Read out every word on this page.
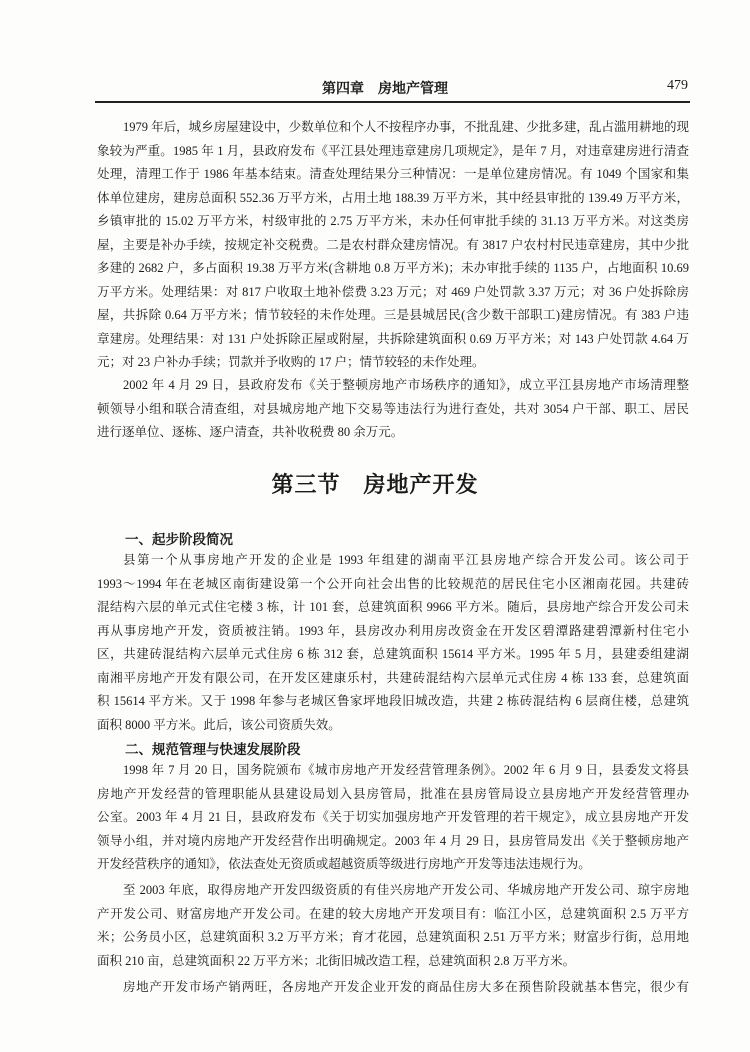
第四章　房地产管理	479
1979 年后，城乡房屋建设中，少数单位和个人不按程序办事，不批乱建、少批多建，乱占滥用耕地的现
象较为严重。1985 年 1 月，县政府发布《平江县处理违章建房几项规定》，是年 7 月，对违章建房进行清查
处理，清理工作于 1986 年基本结束。清查处理结果分三种情况：一是单位建房情况。有 1049 个国家和集
体单位建房，建房总面积 552.36 万平方米，占用土地 188.39 万平方米，其中经县审批的 139.49 万平方米，
乡镇审批的 15.02 万平方米，村级审批的 2.75 万平方米，未办任何审批手续的 31.13 万平方米。对这类房
屋，主要是补办手续，按规定补交税费。二是农村群众建房情况。有 3817 户农村村民违章建房，其中少批
多建的 2682 户，多占面积 19.38 万平方米(含耕地 0.8 万平方米)；未办审批手续的 1135 户，占地面积 10.69
万平方米。处理结果：对 817 户收取土地补偿费 3.23 万元；对 469 户处罚款 3.37 万元；对 36 户处拆除房
屋，共拆除 0.64 万平方米；情节较轻的未作处理。三是县城居民(含少数干部职工)建房情况。有 383 户违
章建房。处理结果：对 131 户处拆除正屋或附屋，共拆除建筑面积 0.69 万平方米；对 143 户处罚款 4.64 万
元；对 23 户补办手续；罚款并予收购的 17 户；情节较轻的未作处理。
2002 年 4 月 29 日，县政府发布《关于整顿房地产市场秩序的通知》，成立平江县房地产市场清理整
顿领导小组和联合清查组，对县城房地产地下交易等违法行为进行查处，共对 3054 户干部、职工、居民
进行逐单位、逐栋、逐户清查，共补收税费 80 余万元。
第三节　房地产开发
一、起步阶段简况
县第一个从事房地产开发的企业是 1993 年组建的湖南平江县房地产综合开发公司。该公司于
1993～1994 年在老城区南街建设第一个公开向社会出售的比较规范的居民住宅小区湘南花园。共建砖
混结构六层的单元式住宅楼 3 栋，计 101 套，总建筑面积 9966 平方米。随后，县房地产综合开发公司未
再从事房地产开发，资质被注销。1993 年，县房改办利用房改资金在开发区碧潭路建碧潭新村住宅小
区，共建砖混结构六层单元式住房 6 栋 312 套，总建筑面积 15614 平方米。1995 年 5 月，县建委组建湖
南湘平房地产开发有限公司，在开发区建康乐村，共建砖混结构六层单元式住房 4 栋 133 套，总建筑面
积 15614 平方米。又于 1998 年参与老城区鲁家坪地段旧城改造，共建 2 栋砖混结构 6 层商住楼，总建筑
面积 8000 平方米。此后，该公司资质失效。
二、规范管理与快速发展阶段
1998 年 7 月 20 日，国务院颁布《城市房地产开发经营管理条例》。2002 年 6 月 9 日，县委发文将县
房地产开发经营的管理职能从县建设局划入县房管局，批准在县房管局设立县房地产开发经营管理办
公室。2003 年 4 月 21 日，县政府发布《关于切实加强房地产开发管理的若干规定》，成立县房地产开发
领导小组，并对境内房地产开发经营作出明确规定。2003 年 4 月 29 日，县房管局发出《关于整顿房地产
开发经营秩序的通知》，依法查处无资质或超越资质等级进行房地产开发等违法违规行为。
至 2003 年底，取得房地产开发四级资质的有佳兴房地产开发公司、华城房地产开发公司、琼宇房地
产开发公司、财富房地产开发公司。在建的较大房地产开发项目有：临江小区，总建筑面积 2.5 万平方
米；公务员小区，总建筑面积 3.2 万平方米；育才花园，总建筑面积 2.51 万平方米；财富步行街，总用地
面积 210 亩，总建筑面积 22 万平方米；北街旧城改造工程，总建筑面积 2.8 万平方米。
房地产开发市场产销两旺，各房地产开发企业开发的商品住房大多在预售阶段就基本售完，很少有
